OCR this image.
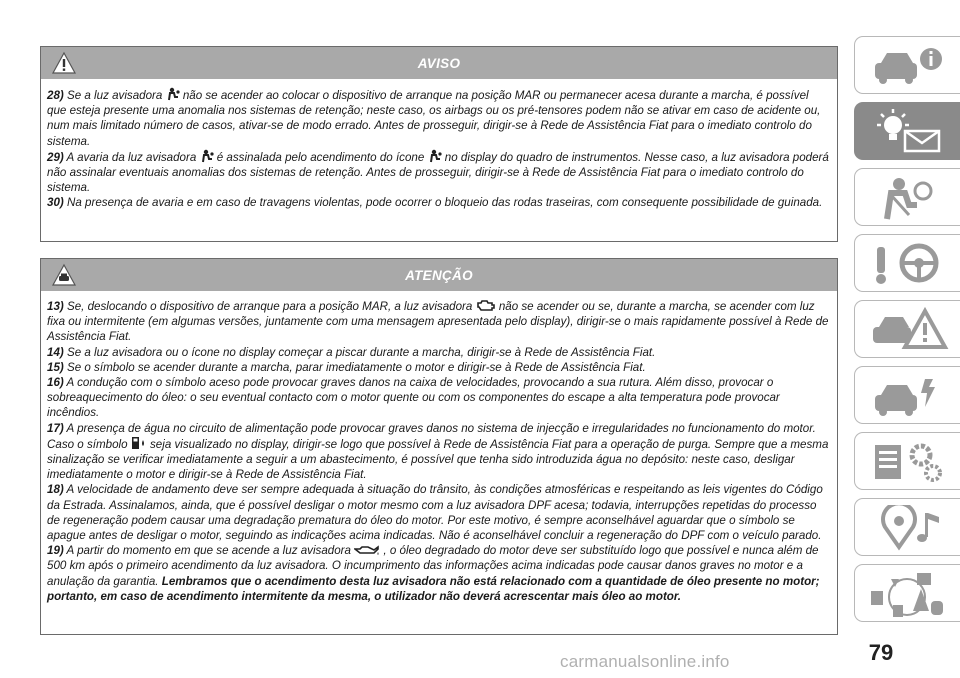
AVISO

28) Se a luz avisadora  não se acender ao colocar o dispositivo de arranque na posição MAR ou permanecer acesa durante a marcha, é possível que esteja presente uma anomalia nos sistemas de retenção; neste caso, os airbags ou os pré-tensores podem não se ativar em caso de acidente ou, num mais limitado número de casos, ativar-se de modo errado. Antes de prosseguir, dirigir-se à Rede de Assistência Fiat para o imediato controlo do sistema.

29) A avaria da luz avisadora  é assinalada pelo acendimento do ícone  no display do quadro de instrumentos. Nesse caso, a luz avisadora poderá não assinalar eventuais anomalias dos sistemas de retenção. Antes de prosseguir, dirigir-se à Rede de Assistência Fiat para o imediato controlo do sistema.

30) Na presença de avaria e em caso de travagens violentas, pode ocorrer o bloqueio das rodas traseiras, com consequente possibilidade de guinada.

ATENÇÃO

13) Se, deslocando o dispositivo de arranque para a posição MAR, a luz avisadora  não se acender ou se, durante a marcha, se acender com luz fixa ou intermitente (em algumas versões, juntamente com uma mensagem apresentada pelo display), dirigir-se o mais rapidamente possível à Rede de Assistência Fiat.

14) Se a luz avisadora ou o ícone no display começar a piscar durante a marcha, dirigir-se à Rede de Assistência Fiat.

15) Se o símbolo se acender durante a marcha, parar imediatamente o motor e dirigir-se à Rede de Assistência Fiat.

16) A condução com o símbolo aceso pode provocar graves danos na caixa de velocidades, provocando a sua rutura. Além disso, provocar o sobreaquecimento do óleo: o seu eventual contacto com o motor quente ou com os componentes do escape a alta temperatura pode provocar incêndios.

17) A presença de água no circuito de alimentação pode provocar graves danos no sistema de injecção e irregularidades no funcionamento do motor. Caso o símbolo  seja visualizado no display, dirigir-se logo que possível à Rede de Assistência Fiat para a operação de purga. Sempre que a mesma sinalização se verificar imediatamente a seguir a um abastecimento, é possível que tenha sido introduzida água no depósito: neste caso, desligar imediatamente o motor e dirigir-se à Rede de Assistência Fiat.

18) A velocidade de andamento deve ser sempre adequada à situação do trânsito, às condições atmosféricas e respeitando as leis vigentes do Código da Estrada. Assinalamos, ainda, que é possível desligar o motor mesmo com a luz avisadora DPF acesa; todavia, interrupções repetidas do processo de regeneração podem causar uma degradação prematura do óleo do motor. Por este motivo, é sempre aconselhável aguardar que o símbolo se apague antes de desligar o motor, seguindo as indicações acima indicadas. Não é aconselhável concluir a regeneração do DPF com o veículo parado.

19) A partir do momento em que se acende a luz avisadora  , o óleo degradado do motor deve ser substituído logo que possível e nunca além de 500 km após o primeiro acendimento da luz avisadora. O incumprimento das informações acima indicadas pode causar danos graves no motor e a anulação da garantia. Lembramos que o acendimento desta luz avisadora não está relacionado com a quantidade de óleo presente no motor; portanto, em caso de acendimento intermitente da mesma, o utilizador não deverá acrescentar mais óleo ao motor.

79
carmanualsonline.info
